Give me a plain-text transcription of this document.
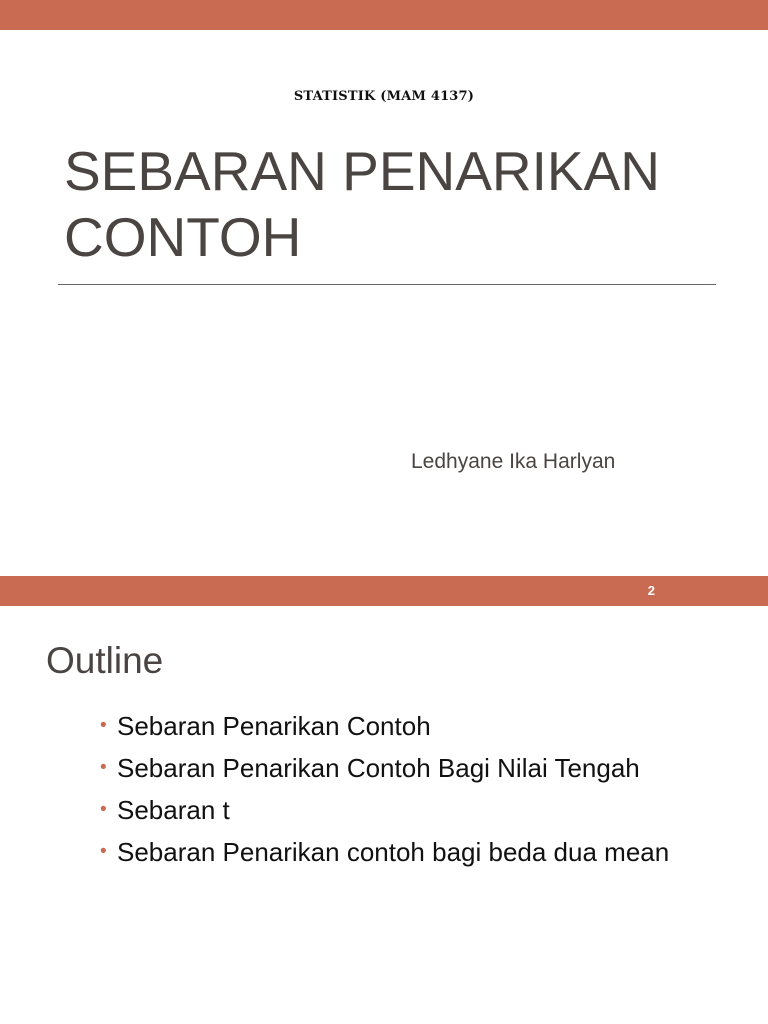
STATISTIK (MAM 4137)
SEBARAN PENARIKAN
CONTOH
Ledhyane Ika Harlyan
2
Outline
• Sebaran Penarikan Contoh
• Sebaran Penarikan Contoh Bagi Nilai Tengah
• Sebaran t
• Sebaran Penarikan contoh bagi beda dua mean
